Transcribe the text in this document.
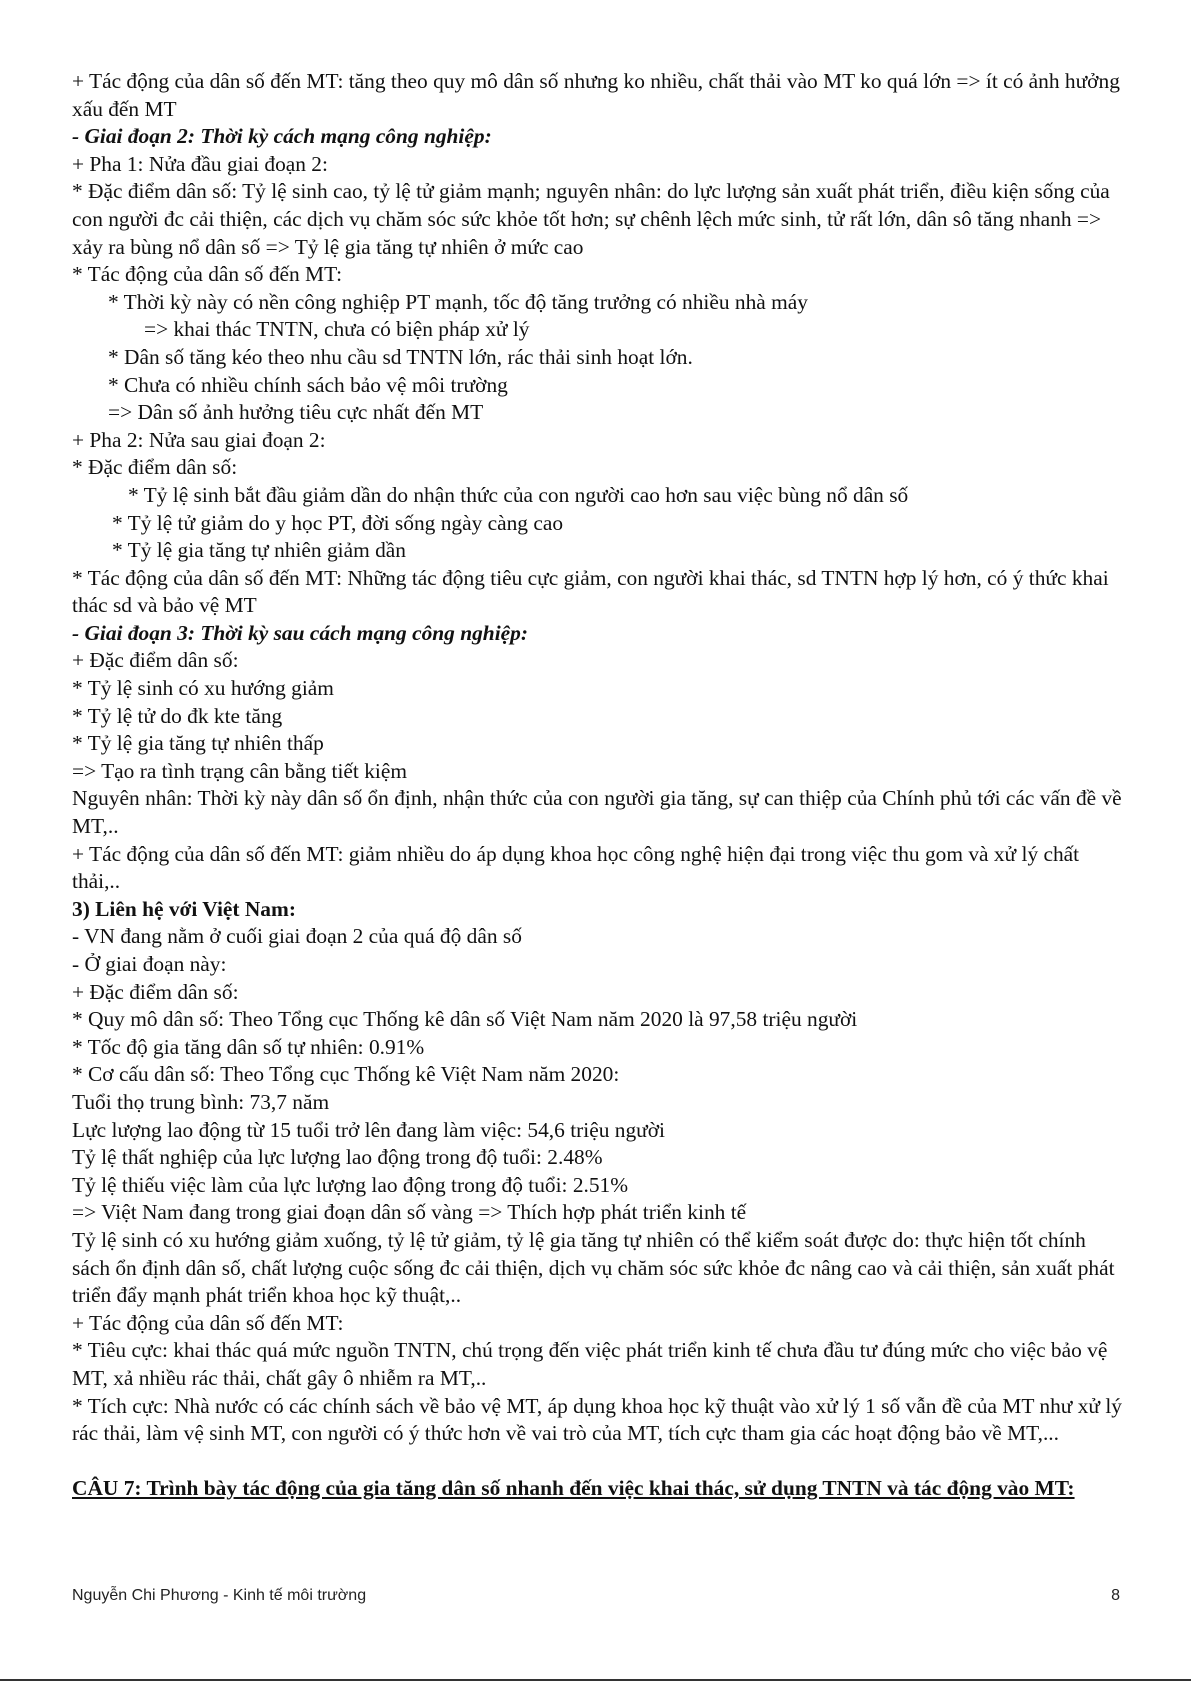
+ Tác động của dân số đến MT: tăng theo quy mô dân số nhưng ko nhiều, chất thải vào MT ko quá lớn => ít có ảnh hưởng xấu đến MT

- Giai đoạn 2: Thời kỳ cách mạng công nghiệp:

+ Pha 1: Nửa đầu giai đoạn 2:

* Đặc điểm dân số: Tỷ lệ sinh cao, tỷ lệ tử giảm mạnh; nguyên nhân: do lực lượng sản xuất phát triển, điều kiện sống của con người đc cải thiện, các dịch vụ chăm sóc sức khỏe tốt hơn; sự chênh lệch mức sinh, tử rất lớn, dân sô tăng nhanh => xảy ra bùng nổ dân số => Tỷ lệ gia tăng tự nhiên ở mức cao

* Tác động của dân số đến MT:

* Thời kỳ này có nền công nghiệp PT mạnh, tốc độ tăng trưởng có nhiều nhà máy

=> khai thác TNTN, chưa có biện pháp xử lý

* Dân số tăng kéo theo nhu cầu sd TNTN lớn, rác thải sinh hoạt lớn.

* Chưa có nhiều chính sách bảo vệ môi trường

=> Dân số ảnh hưởng tiêu cực nhất đến MT

+ Pha 2: Nửa sau giai đoạn 2:

* Đặc điểm dân số:

* Tỷ lệ sinh bắt đầu giảm dần do nhận thức của con người cao hơn sau việc bùng nổ dân số

* Tỷ lệ tử giảm do y học PT, đời sống ngày càng cao

* Tỷ lệ gia tăng tự nhiên giảm dần

* Tác động của dân số đến MT: Những tác động tiêu cực giảm, con người khai thác, sd TNTN hợp lý hơn, có ý thức khai thác sd và bảo vệ MT

- Giai đoạn 3: Thời kỳ sau cách mạng công nghiệp:

+ Đặc điểm dân số:

* Tỷ lệ sinh có xu hướng giảm

* Tỷ lệ tử do đk kte tăng

* Tỷ lệ gia tăng tự nhiên thấp

=> Tạo ra tình trạng cân bằng tiết kiệm

Nguyên nhân: Thời kỳ này dân số ổn định, nhận thức của con người gia tăng, sự can thiệp của Chính phủ tới các vấn đề về MT,..

+ Tác động của dân số đến MT: giảm nhiều do áp dụng khoa học công nghệ hiện đại trong việc thu gom và xử lý chất thải,..

3) Liên hệ với Việt Nam:

- VN đang nằm ở cuối giai đoạn 2 của quá độ dân số

- Ở giai đoạn này:

+ Đặc điểm dân số:

* Quy mô dân số: Theo Tổng cục Thống kê dân số Việt Nam năm 2020 là 97,58 triệu người

* Tốc độ gia tăng dân số tự nhiên: 0.91%

* Cơ cấu dân số: Theo Tổng cục Thống kê Việt Nam năm 2020:

Tuổi thọ trung bình: 73,7 năm

Lực lượng lao động từ 15 tuổi trở lên đang làm việc: 54,6 triệu người

Tỷ lệ thất nghiệp của lực lượng lao động trong độ tuổi: 2.48%

Tỷ lệ thiếu việc làm của lực lượng lao động trong độ tuổi: 2.51%

=> Việt Nam đang trong giai đoạn dân số vàng => Thích hợp phát triển kinh tế

Tỷ lệ sinh có xu hướng giảm xuống, tỷ lệ tử giảm, tỷ lệ gia tăng tự nhiên có thể kiểm soát được do: thực hiện tốt chính sách ổn định dân số, chất lượng cuộc sống đc cải thiện, dịch vụ chăm sóc sức khỏe đc nâng cao và cải thiện, sản xuất phát triển đẩy mạnh phát triển khoa học kỹ thuật,..

+ Tác động của dân số đến MT:

* Tiêu cực: khai thác quá mức nguồn TNTN, chú trọng đến việc phát triển kinh tế chưa đầu tư đúng mức cho việc bảo vệ MT, xả nhiều rác thải, chất gây ô nhiễm ra MT,..

* Tích cực: Nhà nước có các chính sách về bảo vệ MT, áp dụng khoa học kỹ thuật vào xử lý 1 số vẫn đề của MT như xử lý rác thải, làm vệ sinh MT, con người có ý thức hơn về vai trò của MT, tích cực tham gia các hoạt động bảo về MT,...

CÂU 7: Trình bày tác động của gia tăng dân số nhanh đến việc khai thác, sử dụng TNTN và tác động vào MT:

Nguyễn Chi Phương - Kinh tế môi trường	8
